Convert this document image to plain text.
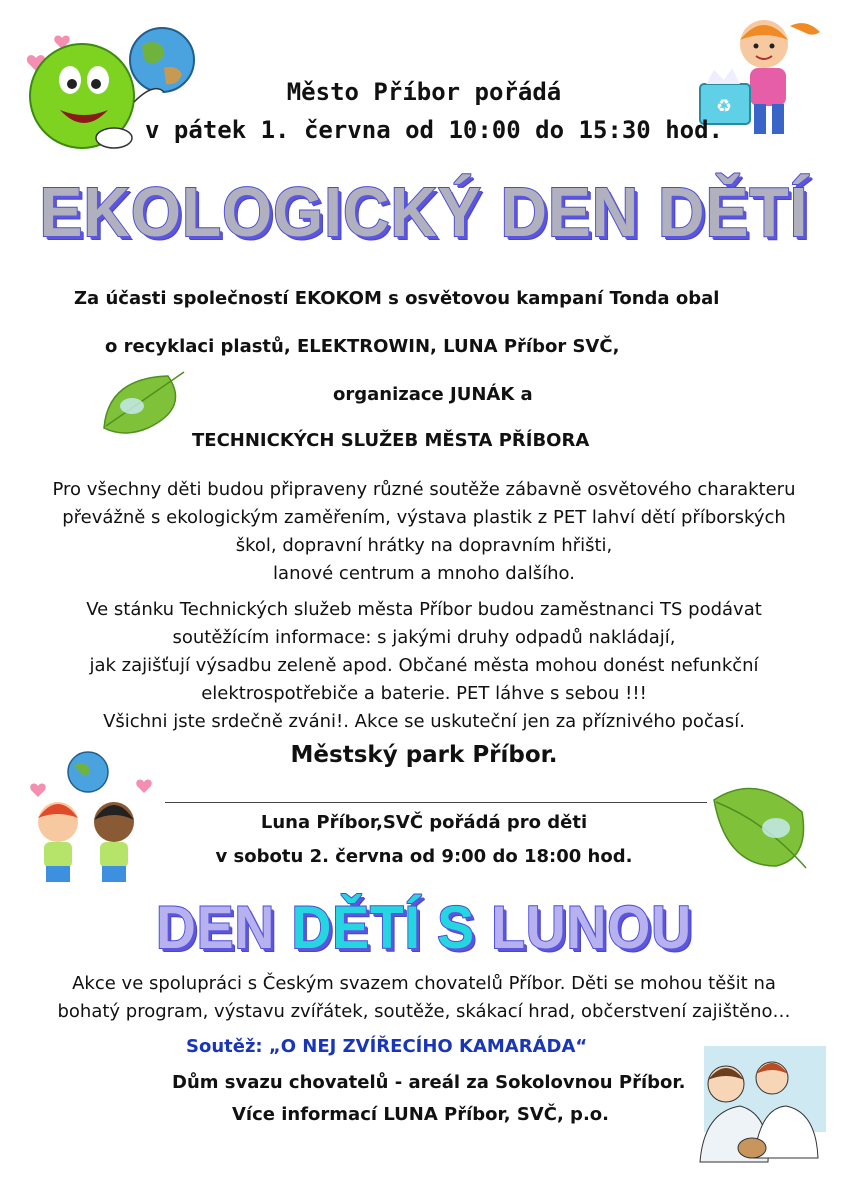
♻
Město Příbor pořádá
v pátek 1. června od 10:00 do 15:30 hod.
EKOLOGICKÝ DEN DĚTÍ
Za účasti společností EKOKOM s osvětovou kampaní Tonda obal
o recyklaci plastů, ELEKTROWIN, LUNA Příbor SVČ,
organizace JUNÁK a
TECHNICKÝCH SLUŽEB MĚSTA PŘÍBORA
Pro všechny děti budou připraveny různé soutěže zábavně osvětového charakteru
převážně s ekologickým zaměřením, výstava plastik z PET lahví dětí příborských
škol, dopravní hrátky na dopravním hřišti,
lanové centrum a mnoho dalšího.
Ve stánku Technických služeb města Příbor budou zaměstnanci TS podávat
soutěžícím informace: s jakými druhy odpadů nakládají,
jak zajišťují výsadbu zeleně apod. Občané města mohou donést nefunkční
elektrospotřebiče a baterie. PET láhve s sebou !!!
Všichni jste srdečně zváni!. Akce se uskuteční jen za příznivého počasí.
Městský park Příbor.
Luna Příbor,SVČ pořádá pro děti
v sobotu 2. června od 9:00 do 18:00 hod.
DEN DĚTÍ S LUNOU
Akce ve spolupráci s Českým svazem chovatelů Příbor. Děti se mohou těšit na
bohatý program, výstavu zvířátek, soutěže, skákací hrad, občerstvení zajištěno…
Soutěž: „O NEJ ZVÍŘECÍHO KAMARÁDA“
Dům svazu chovatelů - areál za Sokolovnou Příbor.
Více informací LUNA Příbor, SVČ, p.o.
